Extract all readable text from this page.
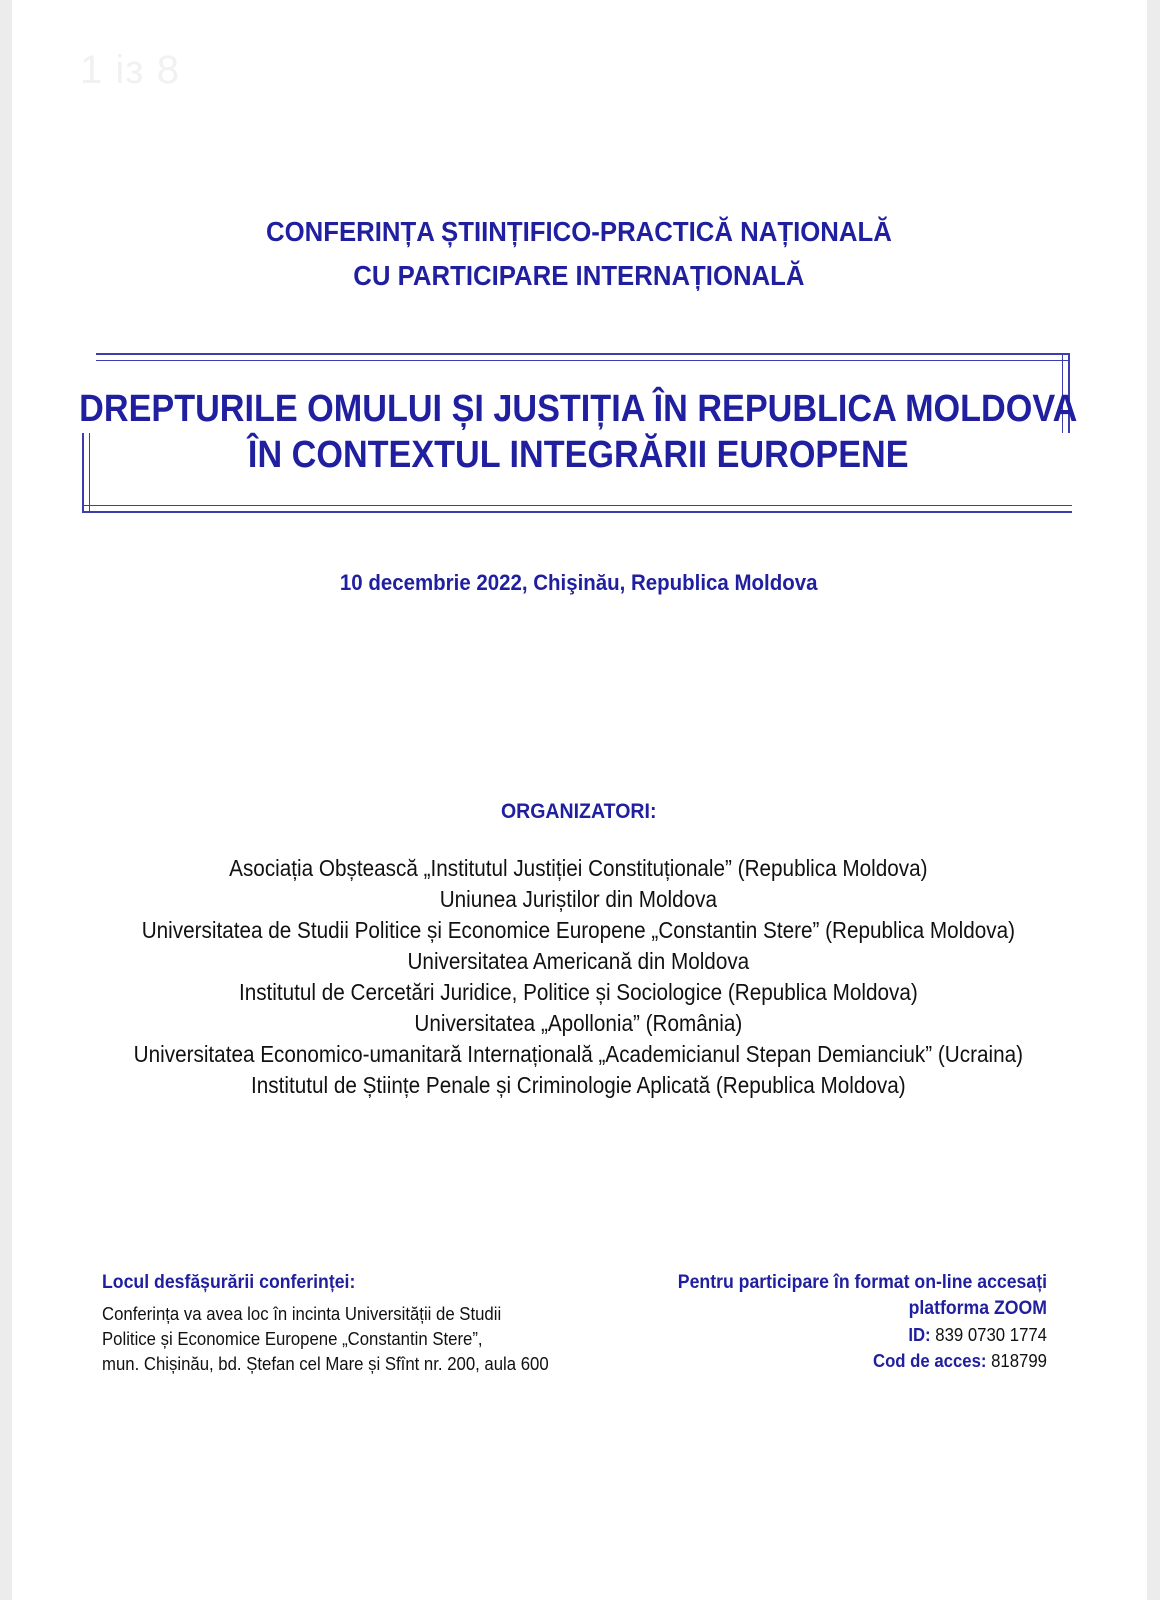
1 із 8
CONFERINȚA ȘTIINȚIFICO-PRACTICĂ NAȚIONALĂ
CU PARTICIPARE INTERNAȚIONALĂ
DREPTURILE OMULUI ȘI JUSTIȚIA ÎN REPUBLICA MOLDOVA
ÎN CONTEXTUL INTEGRĂRII EUROPENE
10 decembrie 2022, Chişinău, Republica Moldova
ORGANIZATORI:
Asociația Obștească „Institutul Justiției Constituționale” (Republica Moldova)
Uniunea Juriștilor din Moldova
Universitatea de Studii Politice și Economice Europene „Constantin Stere” (Republica Moldova)
Universitatea Americană din Moldova
Institutul de Cercetări Juridice, Politice și Sociologice (Republica Moldova)
Universitatea „Apollonia” (România)
Universitatea Economico-umanitară Internațională „Academicianul Stepan Demianciuk” (Ucraina)
Institutul de Științe Penale și Criminologie Aplicată (Republica Moldova)
Locul desfășurării conferinței:
Conferința va avea loc în incinta Universității de Studii
Politice și Economice Europene „Constantin Stere”,
mun. Chișinău, bd. Ștefan cel Mare și Sfînt nr. 200, aula 600
Pentru participare în format on-line accesați
platforma ZOOM
ID: 839 0730 1774
Cod de acces: 818799
